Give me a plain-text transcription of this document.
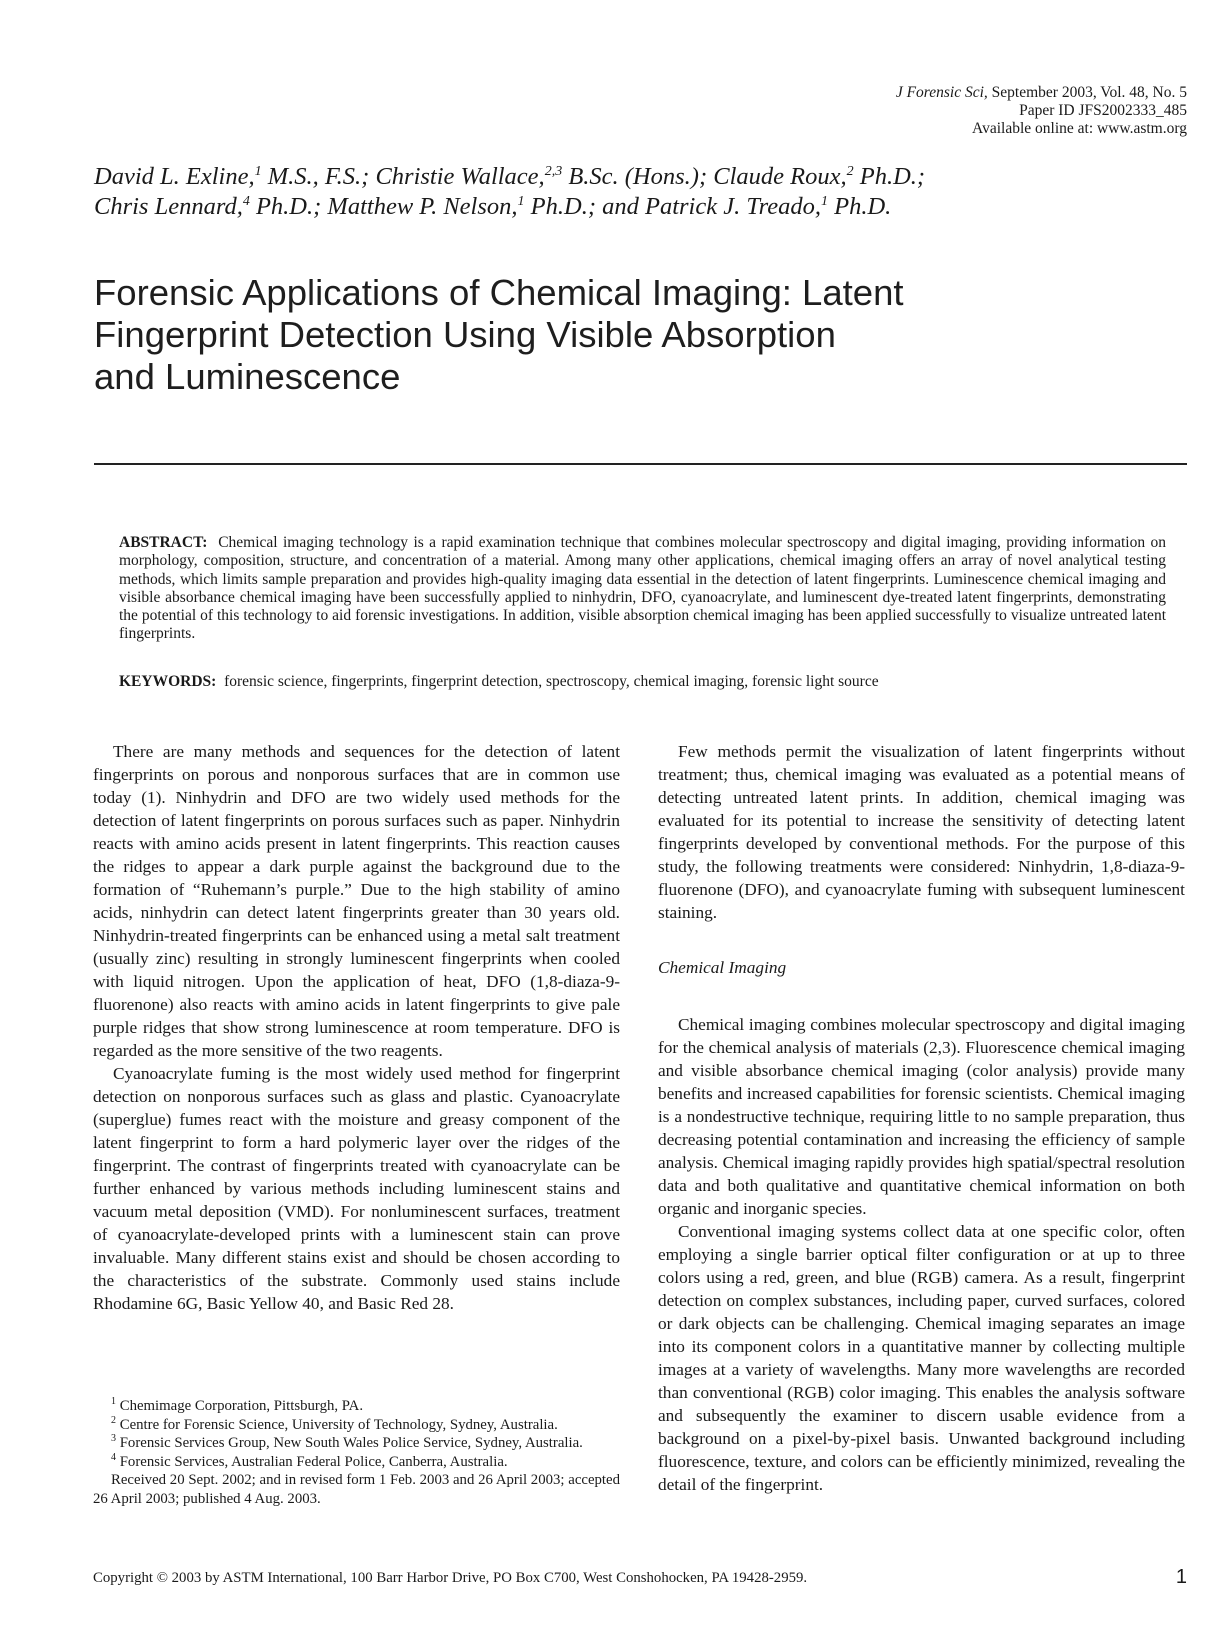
J Forensic Sci, September 2003, Vol. 48, No. 5
Paper ID JFS2002333_485
Available online at: www.astm.org
David L. Exline,$^1$ M.S., F.S.; Christie Wallace,$^{2,3}$ B.Sc. (Hons.); Claude Roux,$^2$ Ph.D.;
Chris Lennard,$^4$ Ph.D.; Matthew P. Nelson,$^1$ Ph.D.; and Patrick J. Treado,$^1$ Ph.D.
Forensic Applications of Chemical Imaging: Latent
Fingerprint Detection Using Visible Absorption
and Luminescence
ABSTRACT: Chemical imaging technology is a rapid examination technique that combines molecular spectroscopy and digital imaging, providing information on morphology, composition, structure, and concentration of a material. Among many other applications, chemical imaging offers an array of novel analytical testing methods, which limits sample preparation and provides high-quality imaging data essential in the detection of latent fingerprints. Luminescence chemical imaging and visible absorbance chemical imaging have been successfully applied to ninhydrin, DFO, cyanoacrylate, and luminescent dye-treated latent fingerprints, demonstrating the potential of this technology to aid forensic investigations. In addition, visible absorption chemical imaging has been applied successfully to visualize untreated latent fingerprints.
KEYWORDS: forensic science, fingerprints, fingerprint detection, spectroscopy, chemical imaging, forensic light source

There are many methods and sequences for the detection of latent fingerprints on porous and nonporous surfaces that are in common use today (1). Ninhydrin and DFO are two widely used methods for the detection of latent fingerprints on porous surfaces such as paper. Ninhydrin reacts with amino acids present in latent fingerprints. This reaction causes the ridges to appear a dark purple against the background due to the formation of “Ruhemann’s purple.” Due to the high stability of amino acids, ninhydrin can detect latent fingerprints greater than 30 years old. Ninhydrin-treated fingerprints can be enhanced using a metal salt treatment (usually zinc) resulting in strongly luminescent fingerprints when cooled with liquid nitrogen. Upon the application of heat, DFO (1,8-diaza-9-fluorenone) also reacts with amino acids in latent fingerprints to give pale purple ridges that show strong luminescence at room temperature. DFO is regarded as the more sensitive of the two reagents.

Cyanoacrylate fuming is the most widely used method for fingerprint detection on nonporous surfaces such as glass and plastic. Cyanoacrylate (superglue) fumes react with the moisture and greasy component of the latent fingerprint to form a hard polymeric layer over the ridges of the fingerprint. The contrast of fingerprints treated with cyanoacrylate can be further enhanced by various methods including luminescent stains and vacuum metal deposition (VMD). For nonluminescent surfaces, treatment of cyanoacrylate-developed prints with a luminescent stain can prove invaluable. Many different stains exist and should be chosen according to the characteristics of the substrate. Commonly used stains include Rhodamine 6G, Basic Yellow 40, and Basic Red 28.

Few methods permit the visualization of latent fingerprints without treatment; thus, chemical imaging was evaluated as a potential means of detecting untreated latent prints. In addition, chemical imaging was evaluated for its potential to increase the sensitivity of detecting latent fingerprints developed by conventional methods. For the purpose of this study, the following treatments were considered: Ninhydrin, 1,8-diaza-9-fluorenone (DFO), and cyanoacrylate fuming with subsequent luminescent staining.

Chemical Imaging

Chemical imaging combines molecular spectroscopy and digital imaging for the chemical analysis of materials (2,3). Fluorescence chemical imaging and visible absorbance chemical imaging (color analysis) provide many benefits and increased capabilities for forensic scientists. Chemical imaging is a nondestructive technique, requiring little to no sample preparation, thus decreasing potential contamination and increasing the efficiency of sample analysis. Chemical imaging rapidly provides high spatial/spectral resolution data and both qualitative and quantitative chemical information on both organic and inorganic species.

Conventional imaging systems collect data at one specific color, often employing a single barrier optical filter configuration or at up to three colors using a red, green, and blue (RGB) camera. As a result, fingerprint detection on complex substances, including paper, curved surfaces, colored or dark objects can be challenging. Chemical imaging separates an image into its component colors in a quantitative manner by collecting multiple images at a variety of wavelengths. Many more wavelengths are recorded than conventional (RGB) color imaging. This enables the analysis software and subsequently the examiner to discern usable evidence from a background on a pixel-by-pixel basis. Unwanted background including fluorescence, texture, and colors can be efficiently minimized, revealing the detail of the fingerprint.

$^1$ Chemimage Corporation, Pittsburgh, PA.

$^2$ Centre for Forensic Science, University of Technology, Sydney, Australia.

$^3$ Forensic Services Group, New South Wales Police Service, Sydney, Australia.

$^4$ Forensic Services, Australian Federal Police, Canberra, Australia.

Received 20 Sept. 2002; and in revised form 1 Feb. 2003 and 26 April 2003; accepted 26 April 2003; published 4 Aug. 2003.

Copyright © 2003 by ASTM International, 100 Barr Harbor Drive, PO Box C700, West Conshohocken, PA 19428-2959.	1
